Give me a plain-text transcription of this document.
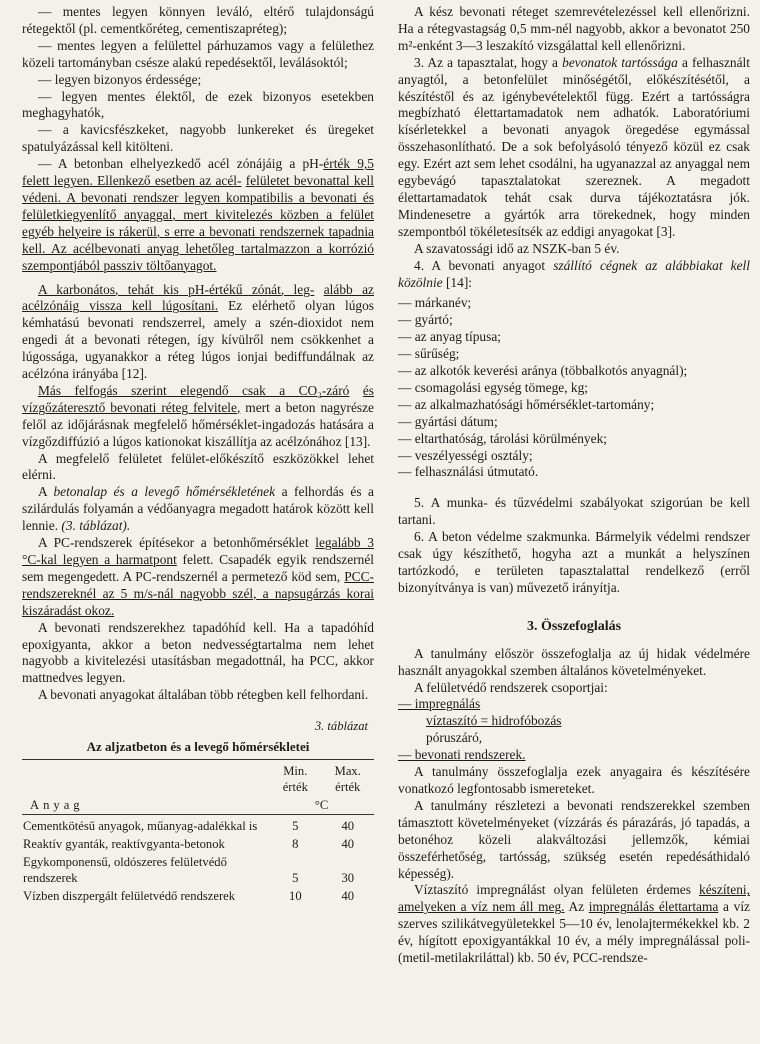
— mentes legyen könnyen leváló, eltérő tulajdonságú rétegektől (pl. cementkőréteg, cementiszapréteg);

— mentes legyen a felülettel párhuzamos vagy a felülethez közeli tartományban csésze alakú repedésektől, leválásoktól;

— legyen bizonyos érdessége;

— legyen mentes élektől, de ezek bizonyos esetekben meghagyhatók,

— a kavicsfészkeket, nagyobb lunkereket és üregeket spatulyázással kell kitölteni.

— A betonban elhelyezkedő acél zónájáig a pH-érték 9,5 felett legyen. Ellenkező esetben az acél- felületet bevonattal kell védeni. A bevonati rendszer legyen kompatibilis a bevonati és felületkiegyenlítő anyaggal, mert kivitelezés közben a felület egyéb helyeire is rákerül, s erre a bevonati rendszernek tapadnia kell. Az acélbevonati anyag lehetőleg tartalmazzon a korrózió szempontjából passziv töltőanyagot.

A karbonátos, tehát kis pH-értékű zónát, leg- alább az acélzónáig vissza kell lúgosítani. Ez elérhető olyan lúgos kémhatású bevonati rendszerrel, amely a szén-dioxidot nem engedi át a bevonati rétegen, így kívülről nem csökkenhet a lúgossága, ugyanakkor a réteg lúgos ionjai bediffundálnak az acélzóna irányába [12].

Más felfogás szerint elegendő csak a CO₂-záró és vízgőzáteresztő bevonati réteg felvitele, mert a beton nagyrésze felől az időjárásnak megfelelő hőmérséklet-ingadozás hatására a vízgőzdiffúzió a lúgos kationokat kiszállítja az acélzónához [13].

A megfelelő felületet felület-előkészítő eszközökkel lehet elérni.

A betonalap és a levegő hőmérsékletének a felhordás és a szilárdulás folyamán a védőanyagra megadott határok között kell lennie. (3. táblázat).

A PC-rendszerek építésekor a betonhőmérséklet legalább 3 °C-kal legyen a harmatpont felett. Csapadék egyik rendszernél sem megengedett. A PC-rendszernél a permetező köd sem, PCC-rendszereknél az 5 m/s-nál nagyobb szél, a napsugárzás korai kiszáradást okoz.

A bevonati rendszerekhez tapadóhíd kell. Ha a tapadóhíd epoxigyanta, akkor a beton nedvességtartalma nem lehet nagyobb a kivitelezési utasításban megadottnál, ha PCC, akkor mattnedves legyen.

A bevonati anyagokat általában több rétegben kell felhordani.

3. táblázat

Az aljzatbeton és a levegő hőmérsékletei

	Min. érték	Max. érték
Anyag	°C	

Cementkötésű anyagok, műanyag-adalékkal is	5	40
Reaktív gyanták, reaktívgyanta-betonok	8	40
Egykomponensű, oldószeres felületvédő rendszerek	5	30
Vízben diszpergált felületvédő rendszerek	10	40

A kész bevonati réteget szemrevételezéssel kell ellenőrizni. Ha a rétegvastagság 0,5 mm-nél nagyobb, akkor a bevonatot 250 m²-enként 3—3 leszakító vizsgálattal kell ellenőrizni.

3. Az a tapasztalat, hogy a bevonatok tartóssága a felhasznált anyagtól, a betonfelület minőségétől, előkészítésétől, a készítéstől és az igénybevételektől függ. Ezért a tartósságra megbízható élettartamadatok nem adhatók. Laboratóriumi kísérletekkel a bevonati anyagok öregedése egymással összehasonlítható. De a sok befolyásoló tényező közül ez csak egy. Ezért azt sem lehet csodálni, ha ugyanazzal az anyaggal nem egybevágó tapasztalatokat szereznek. A megadott élettartamadatok tehát csak durva tájékoztatásra jók. Mindenesetre a gyártók arra törekednek, hogy minden szempontból tökéletesítsék az eddigi anyagokat [3].

A szavatossági idő az NSZK-ban 5 év.

4. A bevonati anyagot szállító cégnek az alábbiakat kell közölnie [14]:

— márkanév;
— gyártó;
— az anyag típusa;
— sűrűség;
— az alkotók keverési aránya (többalkotós anyagnál);
— csomagolási egység tömege, kg;
— az alkalmazhatósági hőmérséklet-tartomány;
— gyártási dátum;
— eltarthatóság, tárolási körülmények;
— veszélyességi osztály;
— felhasználási útmutató.

5. A munka- és tűzvédelmi szabályokat szigorúan be kell tartani.

6. A beton védelme szakmunka. Bármelyik védelmi rendszer csak úgy készíthető, hogyha azt a munkát a helyszínen tartózkodó, e területen tapasztalattal rendelkező (erről bizonyítványa is van) művezető irányítja.

3. Összefoglalás

A tanulmány először összefoglalja az új hidak védelmére használt anyagokkal szemben általános követelményeket.

A felületvédő rendszerek csoportjai:

— impregnálás

víztaszító = hidrofóbozás

póruszáró,

— bevonati rendszerek.

A tanulmány összefoglalja ezek anyagaira és készítésére vonatkozó legfontosabb ismereteket.

A tanulmány részletezi a bevonati rendszerekkel szemben támasztott követelményeket (vízzárás és párazárás, jó tapadás, a betonéhoz közeli alakváltozási jellemzők, kémiai összeférhetőség, tartósság, szükség esetén repedésáthidaló képesség).

Víztaszító impregnálást olyan felületen érdemes készíteni, amelyeken a víz nem áll meg. Az impregnálás élettartama a víz szerves szilikátvegyületekkel 5—10 év, lenolajtermékekkel kb. 2 év, hígított epoxigyantákkal 10 év, a mély impregnálással poli-(metil-metilakriláttal) kb. 50 év, PCC-rendsze-
